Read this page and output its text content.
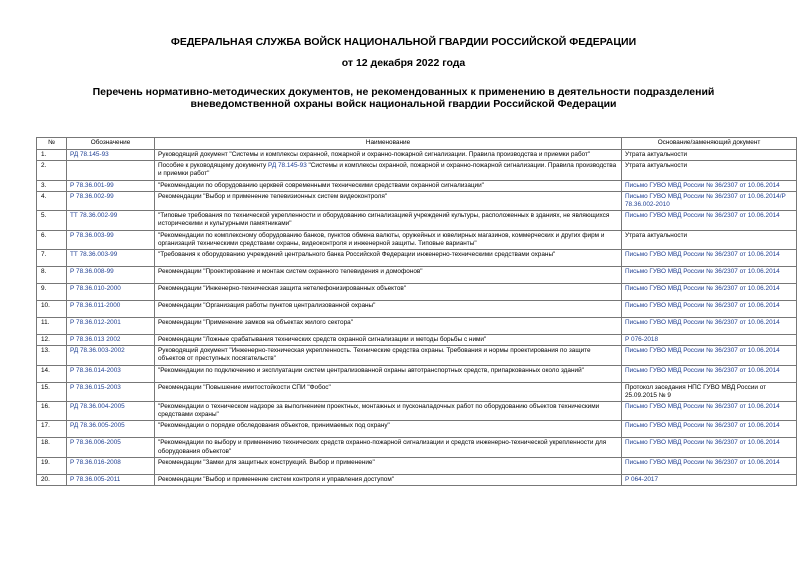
ФЕДЕРАЛЬНАЯ СЛУЖБА ВОЙСК НАЦИОНАЛЬНОЙ ГВАРДИИ РОССИЙСКОЙ ФЕДЕРАЦИИ
от 12 декабря 2022 года
Перечень нормативно-методических документов, не рекомендованных к применению в деятельности подразделений вневедомственной охраны войск национальной гвардии Российской Федерации
№	Обозначение	Наименование	Основание/заменяющий документ
1.	РД 78.145-93	Руководящий документ "Системы и комплексы охранной, пожарной и охранно-пожарной сигнализации. Правила производства и приемки работ"	Утрата актуальности
2.		Пособие к руководящему документу РД 78.145-93 "Системы и комплексы охранной, пожарной и охранно-пожарной сигнализации. Правила производства и приемки работ"	Утрата актуальности
3.	Р 78.36.001-99	"Рекомендации по оборудованию церквей современными техническими средствами охранной сигнализации"	Письмо ГУВО МВД России № 36/2307 от 10.06.2014
4.	Р 78.36.002-99	Рекомендации "Выбор и применение телевизионных систем видеоконтроля"	Письмо ГУВО МВД России № 36/2307 от 10.06.2014/Р 78.36.002-2010
5.	ТТ 78.36.002-99	"Типовые требования по технической укрепленности и оборудованию сигнализацией учреждений культуры, расположенных в зданиях, не являющихся историческими и культурными памятниками"	Письмо ГУВО МВД России № 36/2307 от 10.06.2014
6.	Р 78.36.003-99	"Рекомендации по комплексному оборудованию банков, пунктов обмена валюты, оружейных и ювелирных магазинов, коммерческих и других фирм и организаций техническими средствами охраны, видеоконтроля и инженерной защиты. Типовые варианты"	Утрата актуальности
7.	ТТ 78.36.003-99	"Требования к оборудованию учреждений центрального банка Российской Федерации инженерно-техническими средствами охраны"	Письмо ГУВО МВД России № 36/2307 от 10.06.2014
8.	Р 78.36.008-99	Рекомендации "Проектирование и монтаж систем охранного телевидения и домофонов"	Письмо ГУВО МВД России № 36/2307 от 10.06.2014
9.	Р 78.36.010-2000	Рекомендации "Инженерно-техническая защита нетелефонизированных объектов"	Письмо ГУВО МВД России № 36/2307 от 10.06.2014
10.	Р 78.36.011-2000	Рекомендации "Организация работы пунктов централизованной охраны"	Письмо ГУВО МВД России № 36/2307 от 10.06.2014
11.	Р 78.36.012-2001	Рекомендации "Применение замков на объектах жилого сектора"	Письмо ГУВО МВД России № 36/2307 от 10.06.2014
12.	Р 78.36.013 2002	Рекомендации "Ложные срабатывания технических средств охранной сигнализации и методы борьбы с ними"	Р 076-2018
13.	РД 78.36.003-2002	Руководящий документ "Инженерно-техническая укрепленность. Технические средства охраны. Требования и нормы проектирования по защите объектов от преступных посягательств"	Письмо ГУВО МВД России № 36/2307 от 10.06.2014
14.	Р 78.36.014-2003	"Рекомендации по подключению и эксплуатации систем централизованной охраны автотранспортных средств, припаркованных около зданий"	Письмо ГУВО МВД России № 36/2307 от 10.06.2014
15.	Р 78.36.015-2003	Рекомендации "Повышение имитостойкости СПИ "Фобос"	Протокол заседания НПС ГУВО МВД России от 25.09.2015 № 9
16.	РД 78.36.004-2005	"Рекомендации о техническом надзоре за выполнением проектных, монтажных и пусконаладочных работ по оборудованию объектов техническими средствами охраны"	Письмо ГУВО МВД России № 36/2307 от 10.06.2014
17.	РД 78.36.005-2005	"Рекомендации о порядке обследования объектов, принимаемых под охрану"	Письмо ГУВО МВД России № 36/2307 от 10.06.2014
18.	Р 78.36.006-2005	"Рекомендации по выбору и применению технических средств охранно-пожарной сигнализации и средств инженерно-технической укрепленности для оборудования объектов"	Письмо ГУВО МВД России № 36/2307 от 10.06.2014
19.	Р 78.36.016-2008	Рекомендации "Замки для защитных конструкций. Выбор и применение"	Письмо ГУВО МВД России № 36/2307 от 10.06.2014
20.	Р 78.36.005-2011	Рекомендации "Выбор и применение систем контроля и управления доступом"	Р 064-2017
